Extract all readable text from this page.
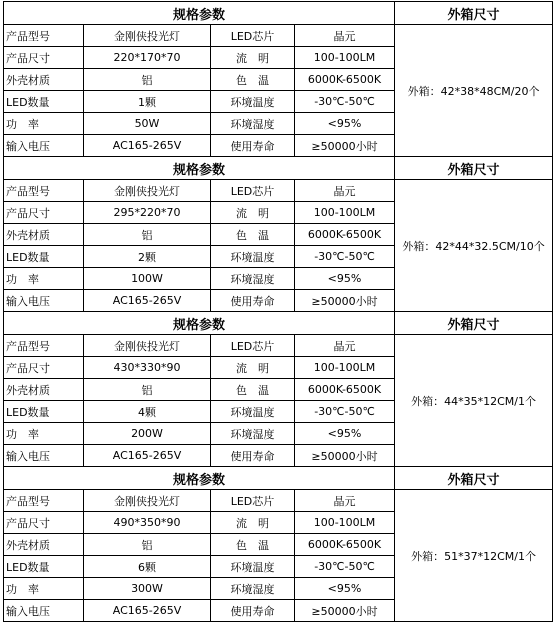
规格参数				外箱尺寸
产品型号	金刚侠投光灯	LED芯片	晶元	外箱：42*38*48CM/20个
产品尺寸	220*170*70	流　明	100-100LM	
外壳材质	铝	色　温	6000K-6500K	
LED数量	1颗	环境温度	-30℃-50℃	
功　率	50W	环境湿度	<95%	
输入电压	AC165-265V	使用寿命	≥50000小时	
规格参数				外箱尺寸
产品型号	金刚侠投光灯	LED芯片	晶元	外箱：42*44*32.5CM/10个
产品尺寸	295*220*70	流　明	100-100LM	
外壳材质	铝	色　温	6000K-6500K	
LED数量	2颗	环境温度	-30℃-50℃	
功　率	100W	环境湿度	<95%	
输入电压	AC165-265V	使用寿命	≥50000小时	
规格参数				外箱尺寸
产品型号	金刚侠投光灯	LED芯片	晶元	外箱：44*35*12CM/1个
产品尺寸	430*330*90	流　明	100-100LM	
外壳材质	铝	色　温	6000K-6500K	
LED数量	4颗	环境温度	-30℃-50℃	
功　率	200W	环境湿度	<95%	
输入电压	AC165-265V	使用寿命	≥50000小时	
规格参数				外箱尺寸
产品型号	金刚侠投光灯	LED芯片	晶元	外箱：51*37*12CM/1个
产品尺寸	490*350*90	流　明	100-100LM	
外壳材质	铝	色　温	6000K-6500K	
LED数量	6颗	环境温度	-30℃-50℃	
功　率	300W	环境湿度	<95%	
输入电压	AC165-265V	使用寿命	≥50000小时	
